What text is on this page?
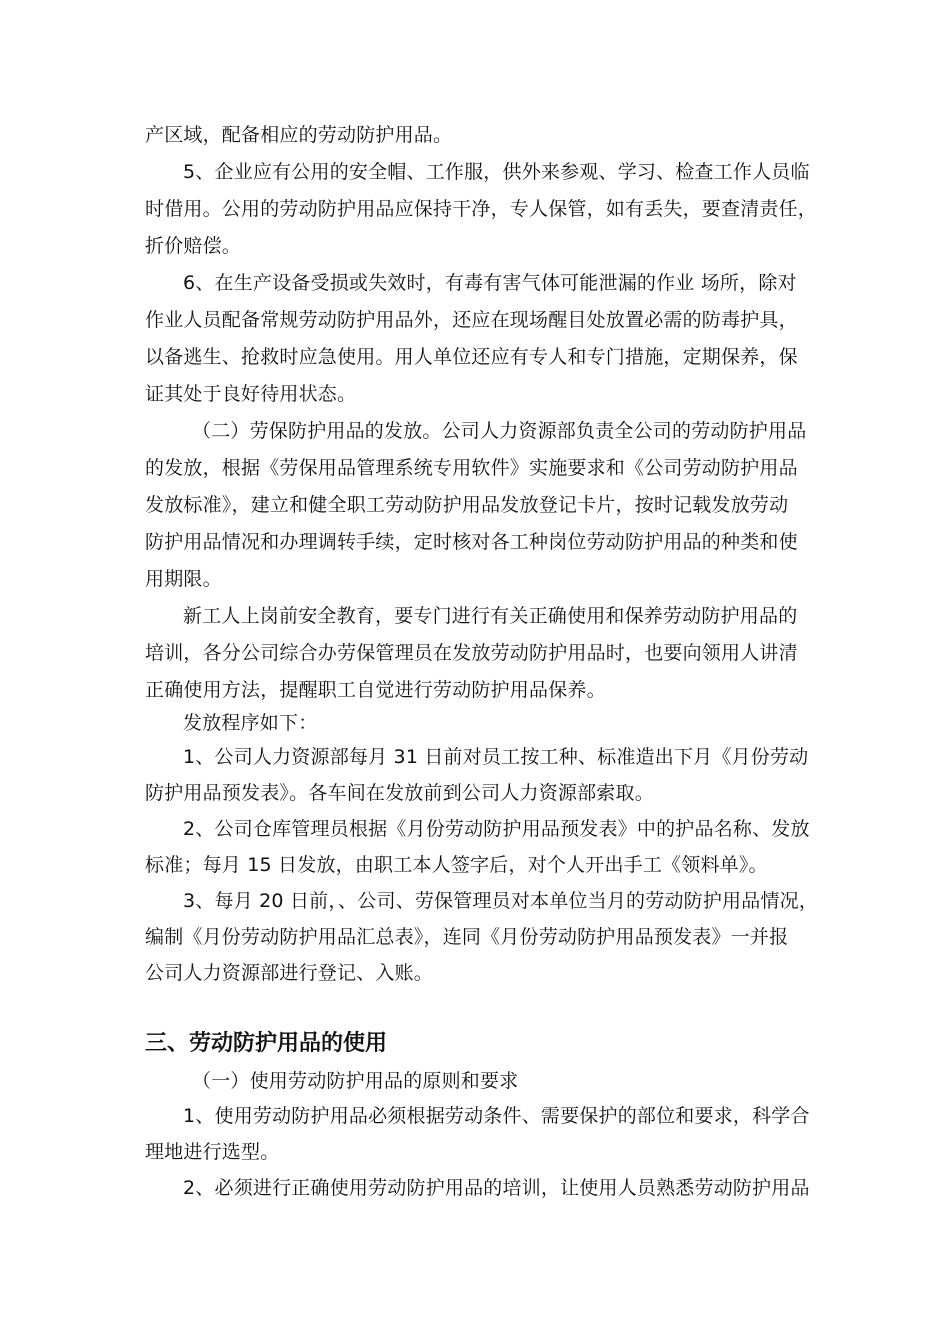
产区域，配备相应的劳动防护用品。
5、企业应有公用的安全帽、工作服，供外来参观、学习、检查工作人员临
时借用。公用的劳动防护用品应保持干净，专人保管，如有丢失，要查清责任，
折价赔偿。
6、在生产设备受损或失效时，有毒有害气体可能泄漏的作业 场所，除对
作业人员配备常规劳动防护用品外，还应在现场醒目处放置必需的防毒护具，
以备逃生、抢救时应急使用。用人单位还应有专人和专门措施，定期保养，保
证其处于良好待用状态。
（二）劳保防护用品的发放。公司人力资源部负责全公司的劳动防护用品
的发放，根据《劳保用品管理系统专用软件》实施要求和《公司劳动防护用品
发放标准》，建立和健全职工劳动防护用品发放登记卡片，按时记载发放劳动
防护用品情况和办理调转手续，定时核对各工种岗位劳动防护用品的种类和使
用期限。
新工人上岗前安全教育，要专门进行有关正确使用和保养劳动防护用品的
培训，各分公司综合办劳保管理员在发放劳动防护用品时，也要向领用人讲清
正确使用方法，提醒职工自觉进行劳动防护用品保养。
发放程序如下：
1、公司人力资源部每月 31 日前对员工按工种、标准造出下月《月份劳动
防护用品预发表》。各车间在发放前到公司人力资源部索取。
2、公司仓库管理员根据《月份劳动防护用品预发表》中的护品名称、发放
标准；每月 15 日发放，由职工本人签字后，对个人开出手工《领料单》。
3、每月 20 日前，、公司、劳保管理员对本单位当月的劳动防护用品情况，
编制《月份劳动防护用品汇总表》，连同《月份劳动防护用品预发表》一并报
公司人力资源部进行登记、入账。
三、劳动防护用品的使用
（一）使用劳动防护用品的原则和要求
1、使用劳动防护用品必须根据劳动条件、需要保护的部位和要求，科学合
理地进行选型。
2、必须进行正确使用劳动防护用品的培训，让使用人员熟悉劳动防护用品
